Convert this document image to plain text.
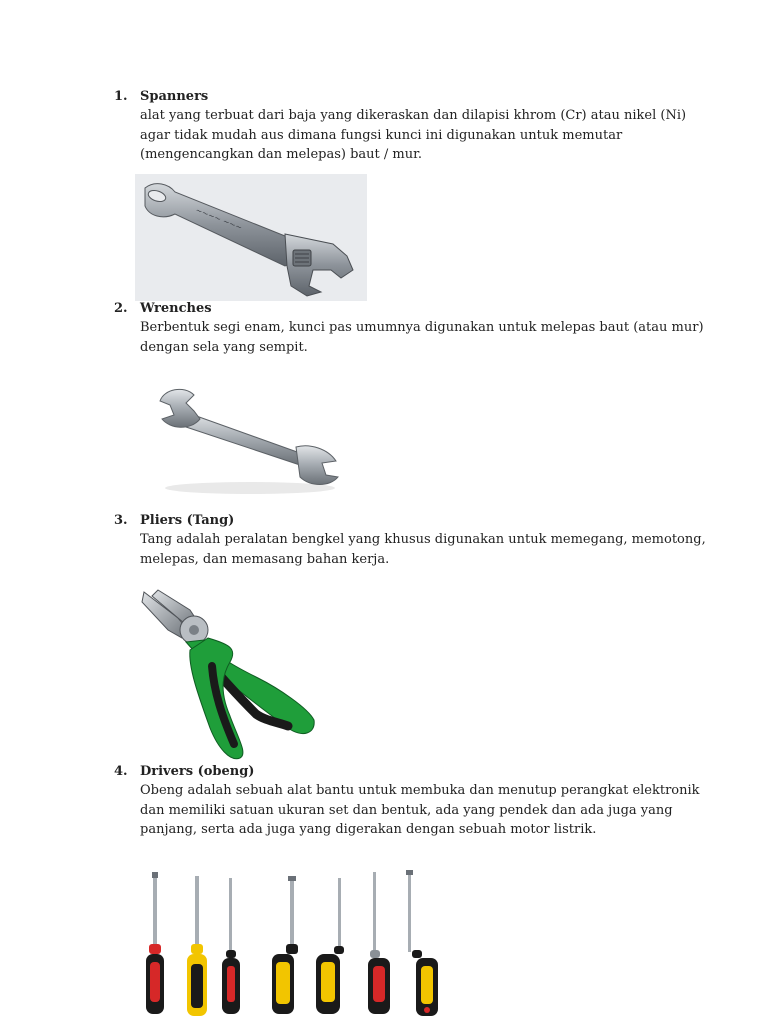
1. Spanners
alat yang terbuat dari baja yang dikeraskan dan dilapisi khrom (Cr) atau nikel (Ni)
agar tidak mudah aus dimana fungsi kunci ini digunakan untuk memutar
(mengencangkan dan melepas) baut / mur.
~~~~ ~~~
2. Wrenches
Berbentuk segi enam, kunci pas umumnya digunakan untuk melepas baut (atau mur)
dengan sela yang sempit.
3. Pliers (Tang)
Tang adalah peralatan bengkel yang khusus digunakan untuk memegang, memotong,
melepas, dan memasang bahan kerja.
4. Drivers (obeng)
Obeng adalah sebuah alat bantu untuk membuka dan menutup perangkat elektronik
dan memiliki satuan ukuran set dan bentuk, ada yang pendek dan ada juga yang
panjang, serta ada juga yang digerakan dengan sebuah motor listrik.
